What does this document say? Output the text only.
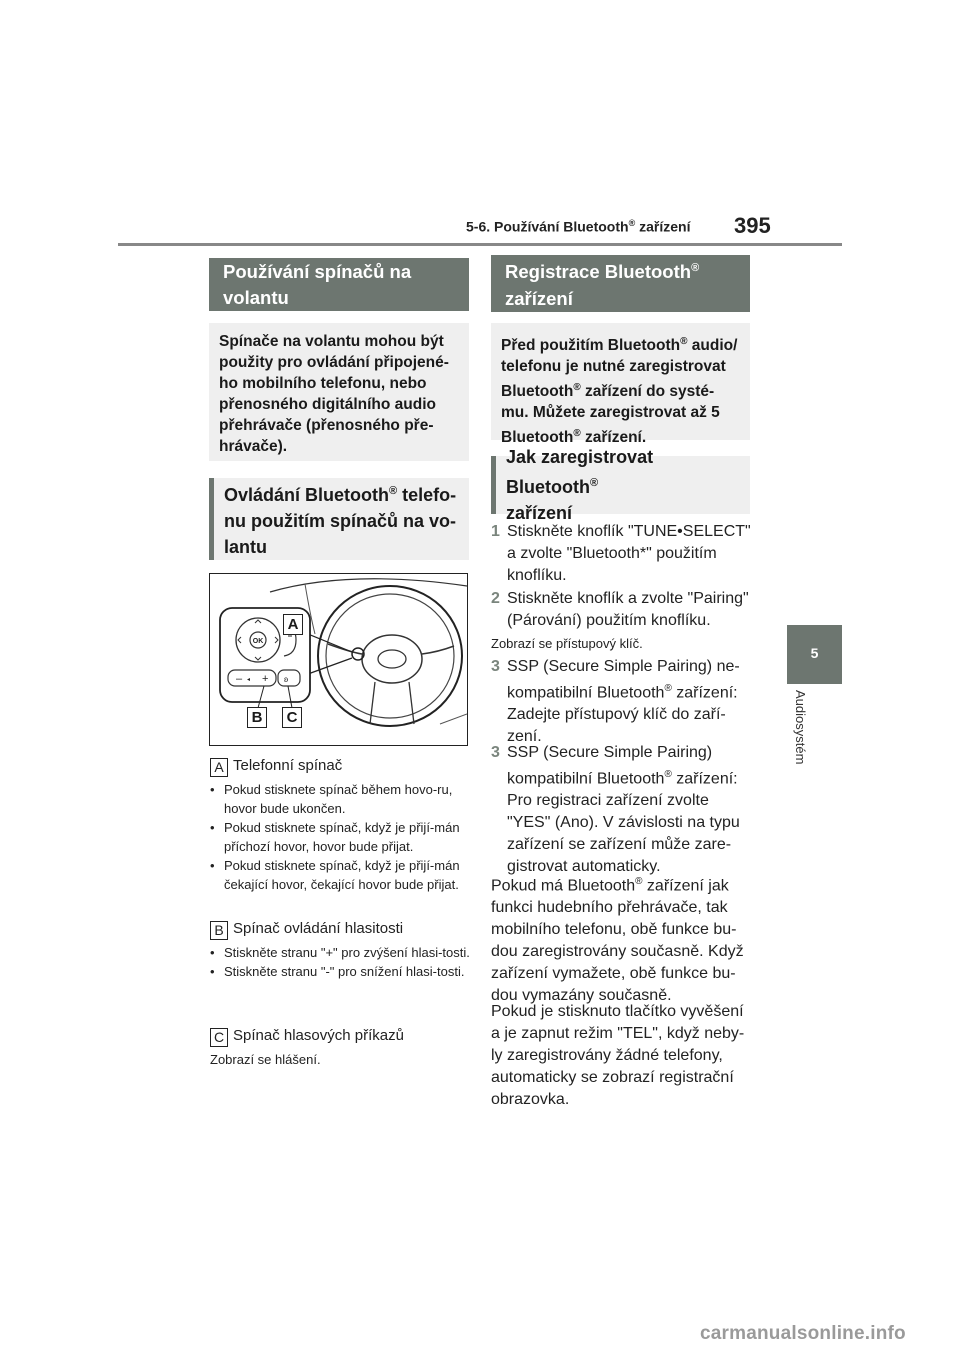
5-6. Používání Bluetooth® zařízení 395
5
Audiosystém
Používání spínačů na volantu
Spínače na volantu mohou být použity pro ovládání připojené-ho mobilního telefonu, nebo přenosného digitálního audio přehrávače (přenosného pře-hrávače).
Ovládání Bluetooth® telefo-nu použitím spínačů na vo-lantu
OK
– ◂ + ʚ
A
B	C
A Telefonní spínač
• Pokud stisknete spínač během hovo-ru, hovor bude ukončen.
• Pokud stisknete spínač, když je přijí-mán příchozí hovor, hovor bude přijat.
• Pokud stisknete spínač, když je přijí-mán čekající hovor, čekající hovor bude přijat.
B Spínač ovládání hlasitosti
• Stiskněte stranu "+" pro zvýšení hlasi-tosti.
• Stiskněte stranu "-" pro snížení hlasi-tosti.
C Spínač hlasových příkazů
Zobrazí se hlášení.
Registrace Bluetooth®
zařízení
Před použitím Bluetooth® audio/ telefonu je nutné zaregistrovat Bluetooth® zařízení do systé-mu. Můžete zaregistrovat až 5 Bluetooth® zařízení.
Jak zaregistrovat Bluetooth®
zařízení
1 Stiskněte knoflík "TUNE•SELECT" a zvolte "Bluetooth*" použitím knoflíku.
2 Stiskněte knoflík a zvolte "Pairing" (Párování) použitím knoflíku.
Zobrazí se přístupový klíč.
3 SSP (Secure Simple Pairing) ne-kompatibilní Bluetooth® zařízení: Zadejte přístupový klíč do zaří-zení.
3 SSP (Secure Simple Pairing) kompatibilní Bluetooth® zařízení: Pro registraci zařízení zvolte "YES" (Ano). V závislosti na typu zařízení se zařízení může zare-gistrovat automaticky.
Pokud má Bluetooth® zařízení jak funkci hudebního přehrávače, tak mobilního telefonu, obě funkce bu-dou zaregistrovány současně. Když zařízení vymažete, obě funkce bu-dou vymazány současně.
Pokud je stisknuto tlačítko vyvěšení a je zapnut režim "TEL", když neby-ly zaregistrovány žádné telefony, automaticky se zobrazí registrační obrazovka.
carmanualsonline.info
